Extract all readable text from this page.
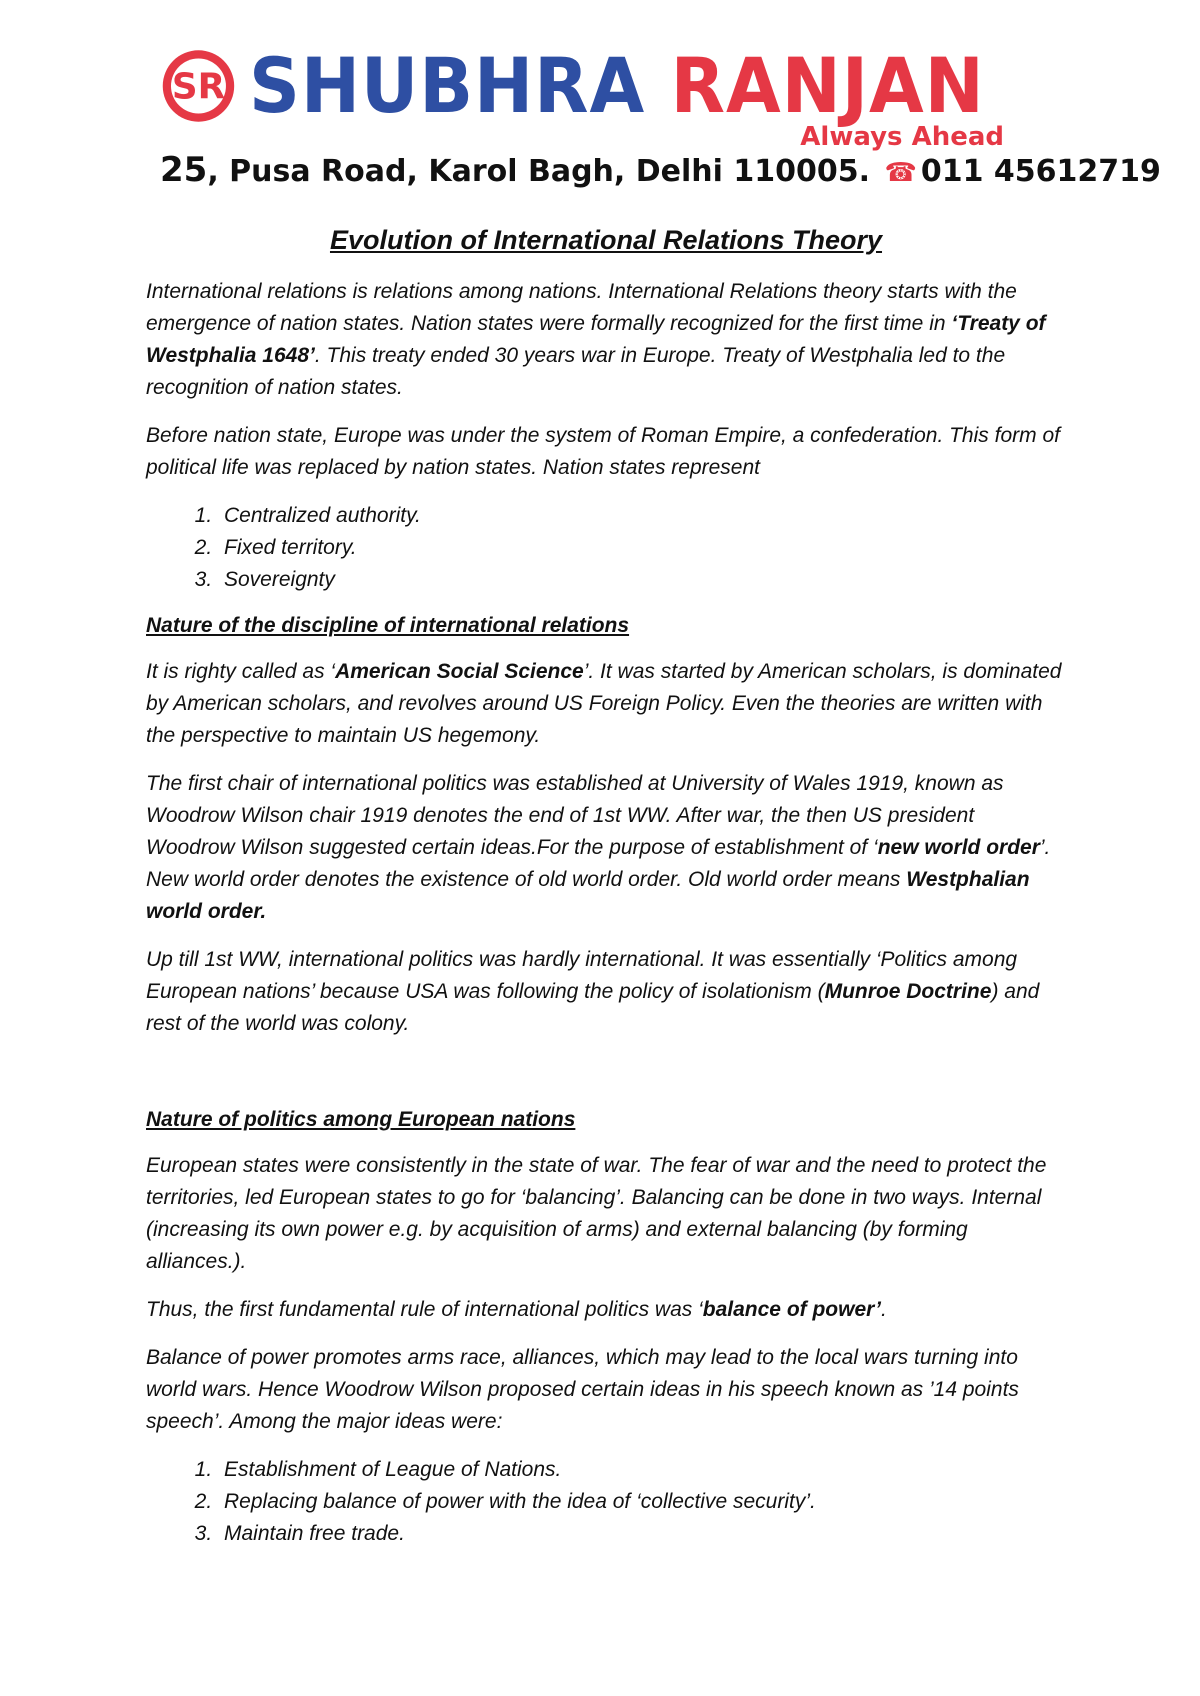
SR SHUBHRA RANJAN
Always Ahead
25, Pusa Road, Karol Bagh, Delhi 110005. ☎ 011 45612719
Evolution of International Relations Theory

International relations is relations among nations. International Relations theory starts with the emergence of nation states. Nation states were formally recognized for the first time in ‘Treaty of Westphalia 1648’. This treaty ended 30 years war in Europe. Treaty of Westphalia led to the recognition of nation states.

Before nation state, Europe was under the system of Roman Empire, a confederation. This form of political life was replaced by nation states. Nation states represent

1. Centralized authority.
2. Fixed territory.
3. Sovereignty
Nature of the discipline of international relations

It is righty called as ‘American Social Science’. It was started by American scholars, is dominated by American scholars, and revolves around US Foreign Policy. Even the theories are written with the perspective to maintain US hegemony.

The first chair of international politics was established at University of Wales 1919, known as Woodrow Wilson chair 1919 denotes the end of 1st WW. After war, the then US president Woodrow Wilson suggested certain ideas.For the purpose of establishment of ‘new world order’. New world order denotes the existence of old world order. Old world order means Westphalian world order.

Up till 1st WW, international politics was hardly international. It was essentially ‘Politics among European nations’ because USA was following the policy of isolationism (Munroe Doctrine) and rest of the world was colony.

Nature of politics among European nations

European states were consistently in the state of war. The fear of war and the need to protect the territories, led European states to go for ‘balancing’. Balancing can be done in two ways. Internal (increasing its own power e.g. by acquisition of arms) and external balancing (by forming alliances.).

Thus, the first fundamental rule of international politics was ‘balance of power’.

Balance of power promotes arms race, alliances, which may lead to the local wars turning into world wars. Hence Woodrow Wilson proposed certain ideas in his speech known as ’14 points speech’. Among the major ideas were:

1. Establishment of League of Nations.
2. Replacing balance of power with the idea of ‘collective security’.
3. Maintain free trade.
